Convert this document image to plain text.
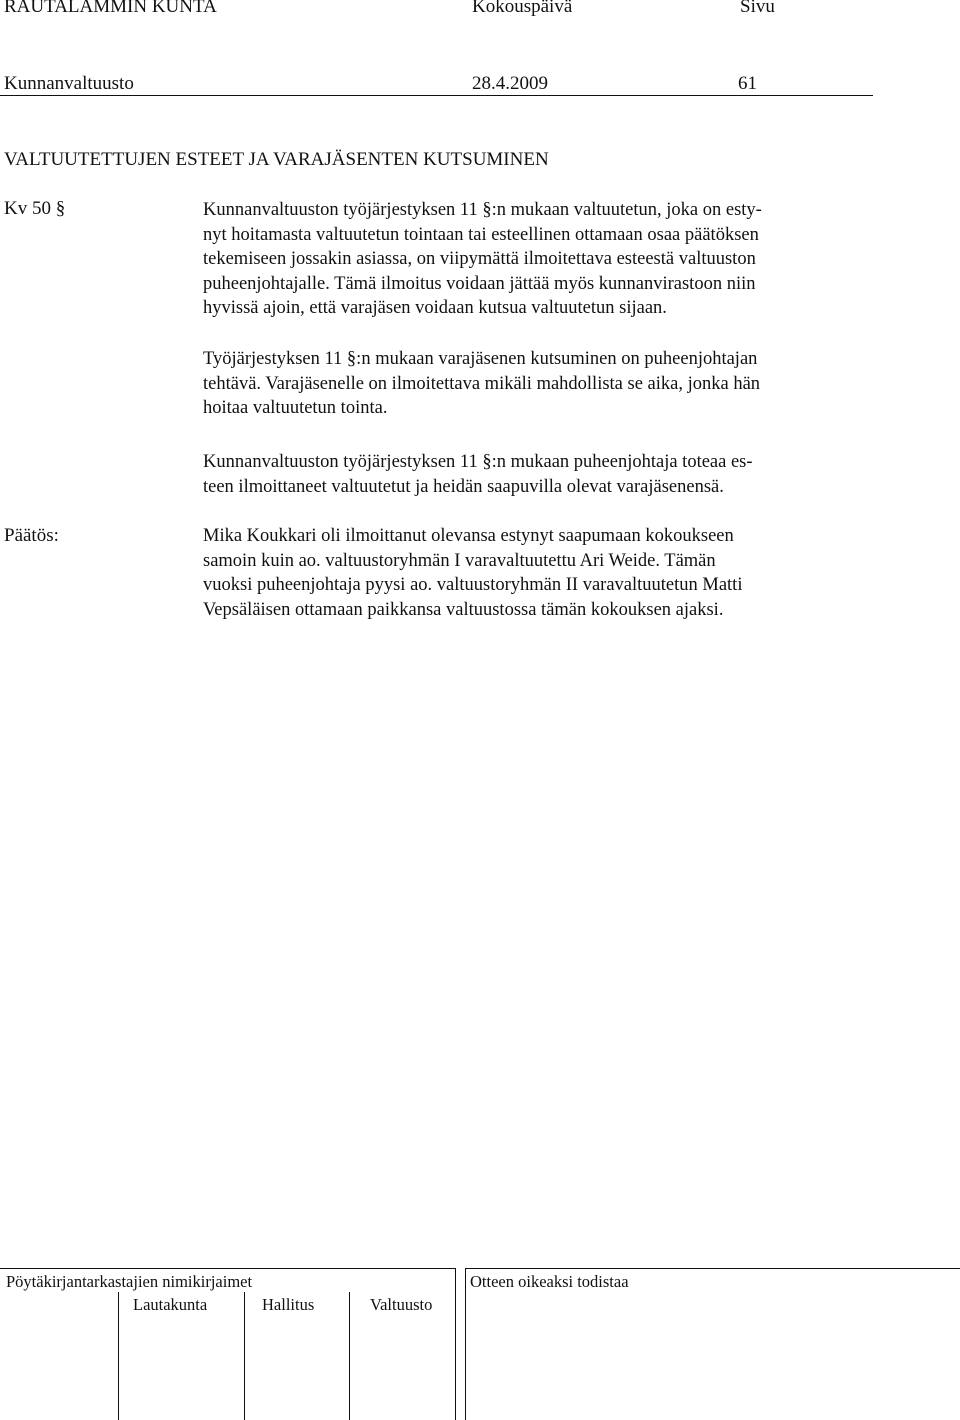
RAUTALAMMIN KUNTA	Kokouspäivä	Sivu
Kunnanvaltuusto	28.4.2009	61
VALTUUTETTUJEN ESTEET JA VARAJÄSENTEN KUTSUMINEN
Kv 50 §	Kunnanvaltuuston työjärjestyksen 11 §:n mukaan valtuutetun, joka on esty-
nyt hoitamasta valtuutetun tointaan tai esteellinen ottamaan osaa päätöksen
tekemiseen jossakin asiassa, on viipymättä ilmoitettava esteestä valtuuston
puheenjohtajalle. Tämä ilmoitus voidaan jättää myös kunnanvirastoon niin
hyvissä ajoin, että varajäsen voidaan kutsua valtuutetun sijaan.
Työjärjestyksen 11 §:n mukaan varajäsenen kutsuminen on puheenjohtajan
tehtävä. Varajäsenelle on ilmoitettava mikäli mahdollista se aika, jonka hän
hoitaa valtuutetun tointa.
Kunnanvaltuuston työjärjestyksen 11 §:n mukaan puheenjohtaja toteaa es-
teen ilmoittaneet valtuutetut ja heidän saapuvilla olevat varajäsenensä.
Päätös:	Mika Koukkari oli ilmoittanut olevansa estynyt saapumaan kokoukseen
samoin kuin ao. valtuustoryhmän I varavaltuutettu Ari Weide. Tämän
vuoksi puheenjohtaja pyysi ao. valtuustoryhmän II varavaltuutetun Matti
Vepsäläisen ottamaan paikkansa valtuustossa tämän kokouksen ajaksi.
Pöytäkirjantarkastajien nimikirjaimet	Otteen oikeaksi todistaa
Lautakunta	Hallitus	Valtuusto
